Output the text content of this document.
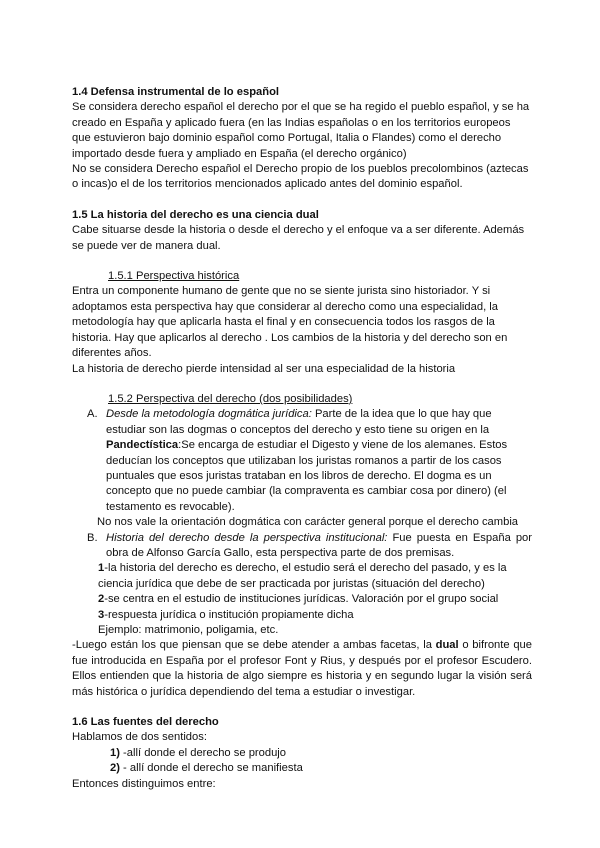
1.4 Defensa instrumental de lo español

Se considera derecho español el derecho por el que se ha regido el pueblo español, y se ha creado en España y aplicado fuera (en las Indias españolas o en los territorios europeos que estuvieron bajo dominio español como Portugal, Italia o Flandes) como el derecho importado desde fuera y ampliado en España (el derecho orgánico)

No se considera Derecho español el Derecho propio de los pueblos precolombinos (aztecas o incas)o el de los territorios mencionados aplicado antes del dominio español.

1.5 La historia del derecho es una ciencia dual

Cabe situarse desde la historia o desde el derecho y el enfoque va a ser diferente. Además se puede ver de manera dual.

1.5.1 Perspectiva histórica

Entra un componente humano de gente que no se siente jurista sino historiador. Y si adoptamos esta perspectiva hay que considerar al derecho como una especialidad, la metodología hay que aplicarla hasta el final y en consecuencia todos los rasgos de la historia. Hay que aplicarlos al derecho . Los cambios de la historia y del derecho son en diferentes años.

La historia de derecho pierde intensidad al ser una especialidad de la historia

1.5.2 Perspectiva del derecho (dos posibilidades)

A. Desde la metodología dogmática jurídica: Parte de la idea que lo que hay que estudiar son las dogmas o conceptos del derecho y esto tiene su origen en la Pandectística:Se encarga de estudiar el Digesto y viene de los alemanes. Estos deducían los conceptos que utilizaban los juristas romanos a partir de los casos puntuales que esos juristas trataban en los libros de derecho. El dogma es un concepto que no puede cambiar (la compraventa es cambiar cosa por dinero) (el testamento es revocable).

No nos vale la orientación dogmática con carácter general porque el derecho cambia

B. Historia del derecho desde la perspectiva institucional: Fue puesta en España por obra de Alfonso García Gallo, esta perspectiva parte de dos premisas.

1-la historia del derecho es derecho, el estudio será el derecho del pasado, y es la ciencia jurídica que debe de ser practicada por juristas (situación del derecho)

2-se centra en el estudio de instituciones jurídicas. Valoración por el grupo social

3-respuesta jurídica o institución propiamente dicha

Ejemplo: matrimonio, poligamia, etc.

-Luego están los que piensan que se debe atender a ambas facetas, la dual o bifronte que fue introducida en España por el profesor Font y Rius, y después por el profesor Escudero. Ellos entienden que la historia de algo siempre es historia y en segundo lugar la visión será más histórica o jurídica dependiendo del tema a estudiar o investigar.

1.6 Las fuentes del derecho

Hablamos de dos sentidos:

1) -allí donde el derecho se produjo

2) - allí donde el derecho se manifiesta

Entonces distinguimos entre:
